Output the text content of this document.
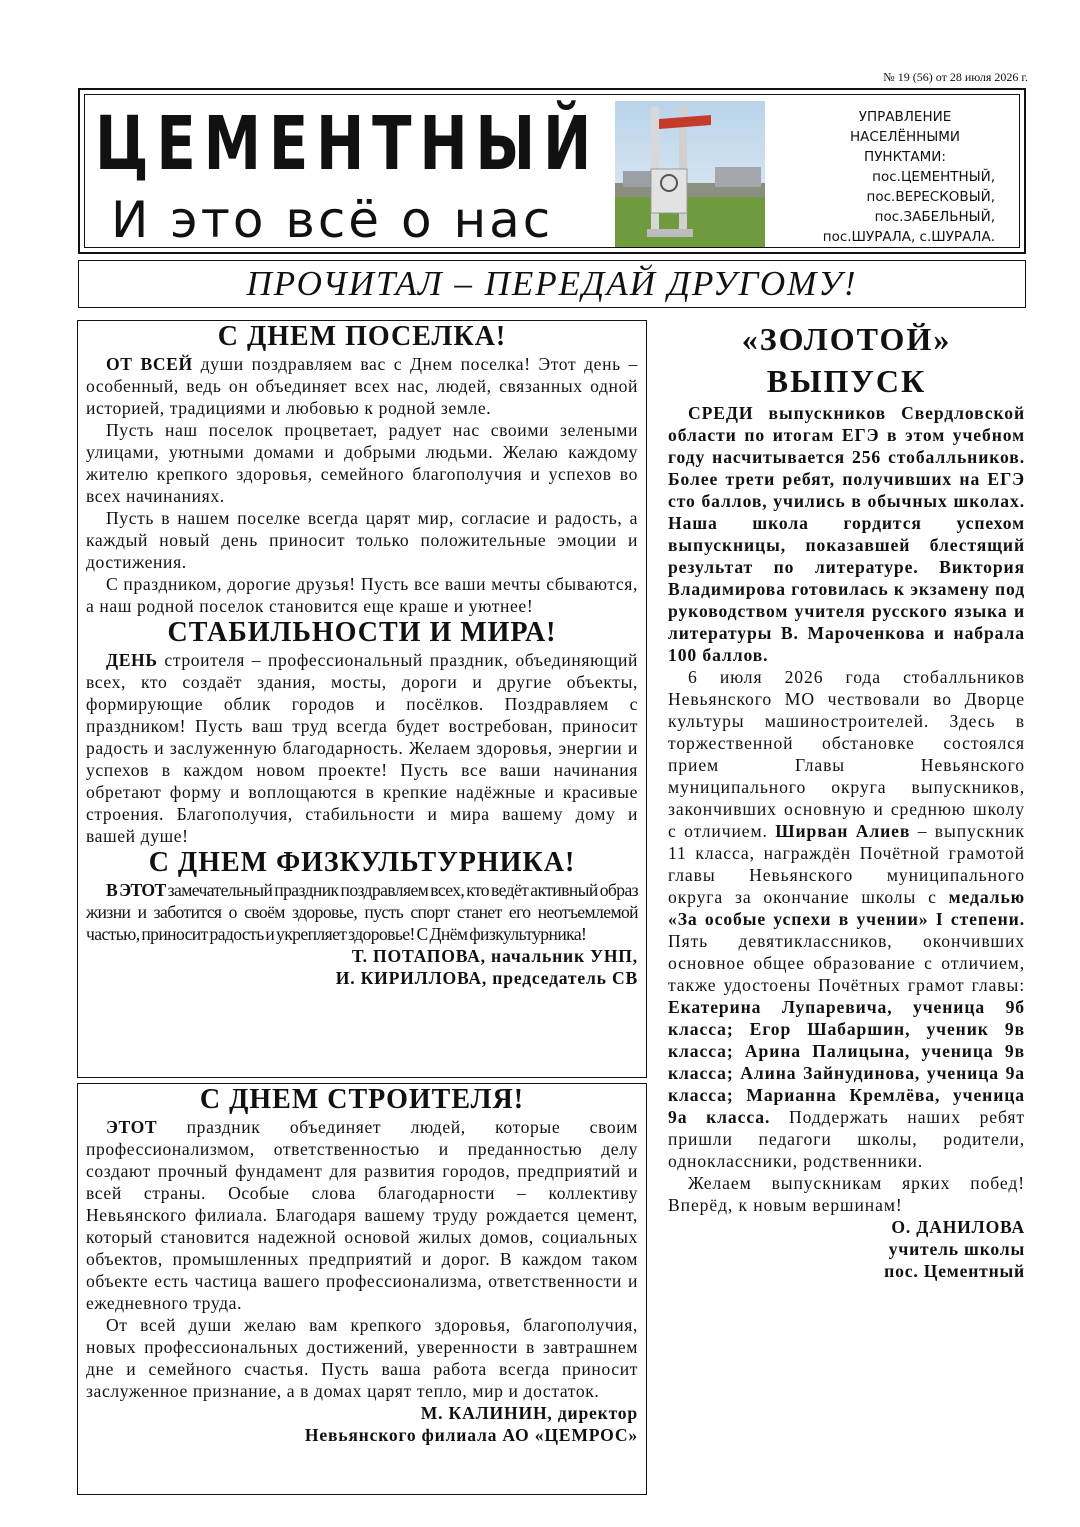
№ 19 (56) от 28 июля 2026 г.
ЦЕМЕНТНЫЙ
И это всё о нас
УПРАВЛЕНИЕ
НАСЕЛЁННЫМИ
ПУНКТАМИ:
пос.ЦЕМЕНТНЫЙ,
пос.ВЕРЕСКОВЫЙ,
пос.ЗАБЕЛЬНЫЙ,
пос.ШУРАЛА, с.ШУРАЛА.
ПРОЧИТАЛ – ПЕРЕДАЙ ДРУГОМУ!
С ДНЕМ ПОСЕЛКА!

ОТ ВСЕЙ души поздравляем вас с Днем поселка! Этот день – особенный, ведь он объединяет всех нас, людей, связанных одной историей, традициями и любовью к родной земле.

Пусть наш поселок процветает, радует нас своими зелеными улицами, уютными домами и добрыми людьми. Желаю каждому жителю крепкого здоровья, семейного благополучия и успехов во всех начинаниях.

Пусть в нашем поселке всегда царят мир, согласие и радость, а каждый новый день приносит только положительные эмоции и достижения.

С праздником, дорогие друзья! Пусть все ваши мечты сбываются, а наш родной поселок становится еще краше и уютнее!

СТАБИЛЬНОСТИ И МИРА!

ДЕНЬ строителя – профессиональный праздник, объединяющий всех, кто создаёт здания, мосты, дороги и другие объекты, формирующие облик городов и посёлков. Поздравляем с праздником! Пусть ваш труд всегда будет востребован, приносит радость и заслуженную благодарность. Желаем здоровья, энергии и успехов в каждом новом проекте! Пусть все ваши начинания обретают форму и воплощаются в крепкие надёжные и красивые строения. Благополучия, стабильности и мира вашему дому и вашей душе!

С ДНЕМ ФИЗКУЛЬТУРНИКА!

В ЭТОТ замечательный праздник поздравляем всех, кто ведёт активный образ жизни и заботится о своём здоровье, пусть спорт станет его неотъемлемой частью, приносит радость и укрепляет здоровье! С Днём физкультурника!

Т. ПОТАПОВА, начальник УНП,
И. КИРИЛЛОВА, председатель СВ
С ДНЕМ СТРОИТЕЛЯ!

ЭТОТ праздник объединяет людей, которые своим профессионализмом, ответственностью и преданностью делу создают прочный фундамент для развития городов, предприятий и всей страны. Особые слова благодарности – коллективу Невьянского филиала. Благодаря вашему труду рождается цемент, который становится надежной основой жилых домов, социальных объектов, промышленных предприятий и дорог. В каждом таком объекте есть частица вашего профессионализма, ответственности и ежедневного труда.

От всей души желаю вам крепкого здоровья, благополучия, новых профессиональных достижений, уверенности в завтрашнем дне и семейного счастья. Пусть ваша работа всегда приносит заслуженное признание, а в домах царят тепло, мир и достаток.

М. КАЛИНИН, директор
Невьянского филиала АО «ЦЕМРОС»
«ЗОЛОТОЙ» ВЫПУСК

СРЕДИ выпускников Свердловской области по итогам ЕГЭ в этом учебном году насчитывается 256 стобалльников. Более трети ребят, получивших на ЕГЭ сто баллов, учились в обычных школах. Наша школа гордится успехом выпускницы, показавшей блестящий результат по литературе. Виктория Владимирова готовилась к экзамену под руководством учителя русского языка и литературы В. Мароченкова и набрала 100 баллов.

6 июля 2026 года стобалльников Невьянского МО чествовали во Дворце культуры машиностроителей. Здесь в торжественной обстановке состоялся прием Главы Невьянского муниципального округа выпускников, закончивших основную и среднюю школу с отличием. Ширван Алиев – выпускник 11 класса, награждён Почётной грамотой главы Невьянского муниципального округа за окончание школы с медалью «За особые успехи в учении» I степени. Пять девятиклассников, окончивших основное общее образование с отличием, также удостоены Почётных грамот главы: Екатерина Лупаревича, ученица 9б класса; Егор Шабаршин, ученик 9в класса; Арина Палицына, ученица 9в класса; Алина Зайнудинова, ученица 9а класса; Марианна Кремлёва, ученица 9а класса. Поддержать наших ребят пришли педагоги школы, родители, одноклассники, родственники.

Желаем выпускникам ярких побед! Вперёд, к новым вершинам!

О. ДАНИЛОВА
учитель школы
пос. Цементный
